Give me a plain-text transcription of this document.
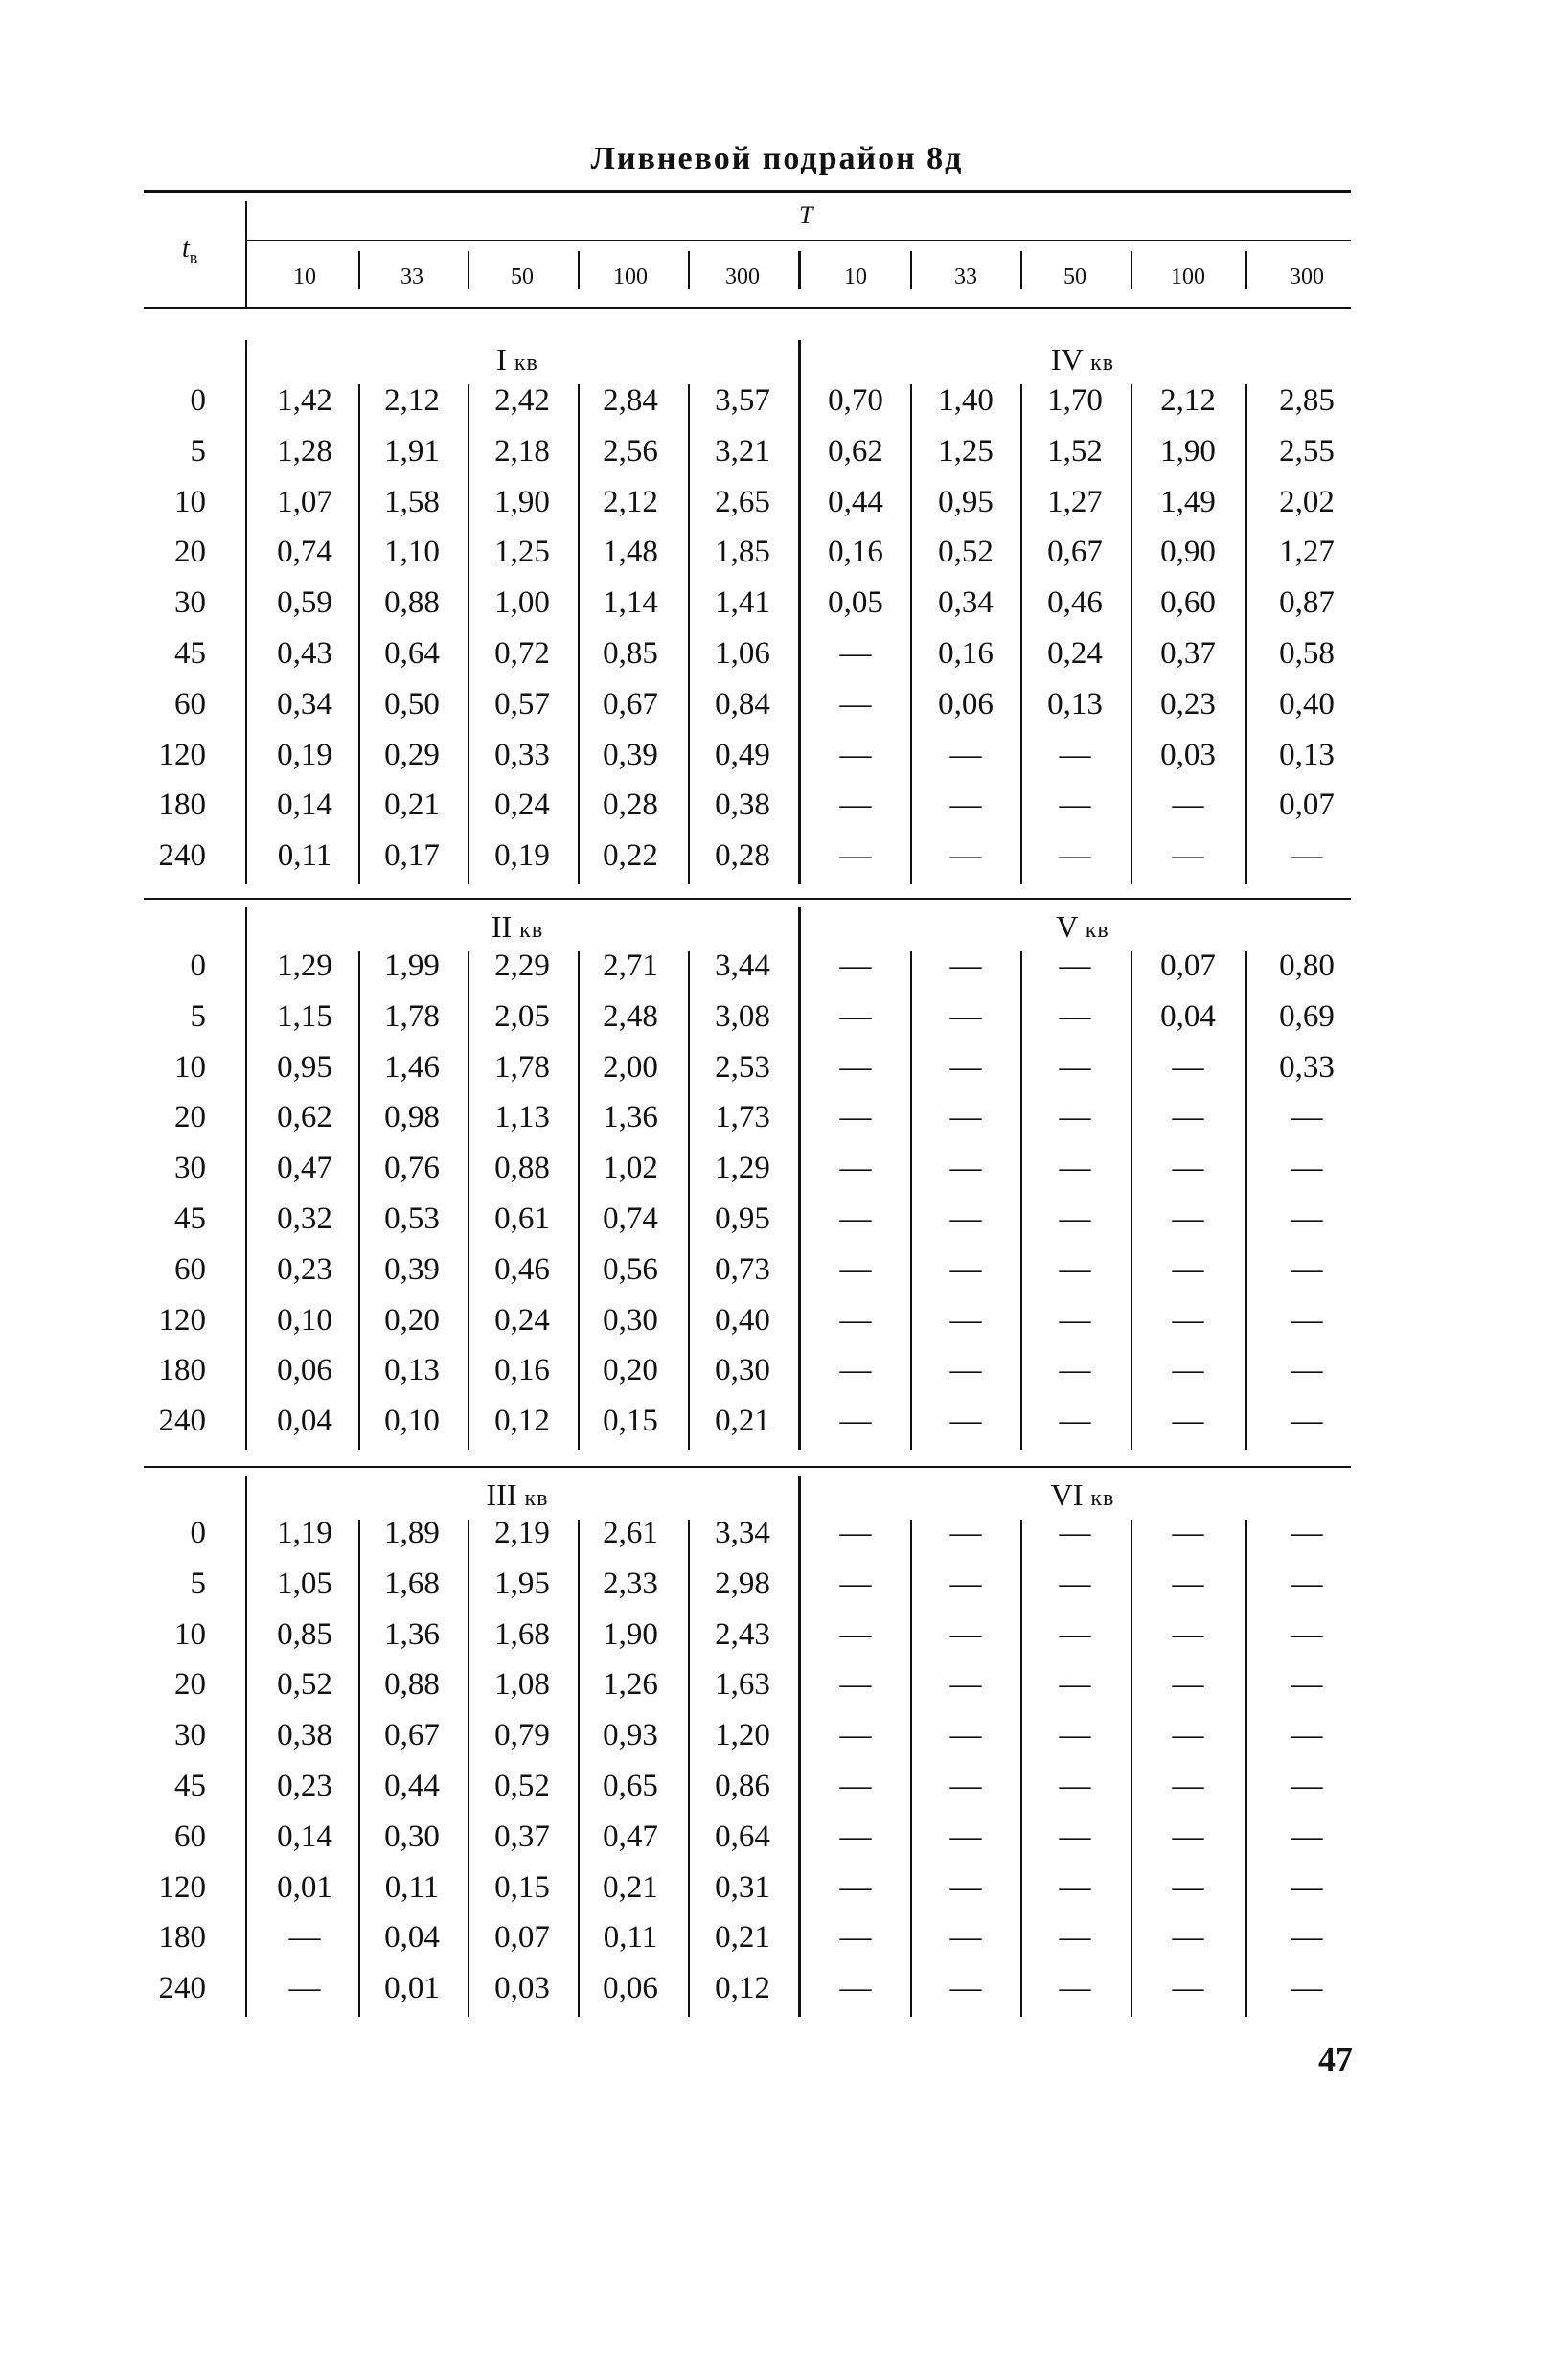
Ливневой подрайон 8д
$t_в$
T
10	33	50	100	300	10	33	50	100	300
I кв	IV кв
0	1,42	2,12	2,42	2,84	3,57	0,70	1,40	1,70	2,12	2,85
5	1,28	1,91	2,18	2,56	3,21	0,62	1,25	1,52	1,90	2,55
10	1,07	1,58	1,90	2,12	2,65	0,44	0,95	1,27	1,49	2,02
20	0,74	1,10	1,25	1,48	1,85	0,16	0,52	0,67	0,90	1,27
30	0,59	0,88	1,00	1,14	1,41	0,05	0,34	0,46	0,60	0,87
45	0,43	0,64	0,72	0,85	1,06	—	0,16	0,24	0,37	0,58
60	0,34	0,50	0,57	0,67	0,84	—	0,06	0,13	0,23	0,40
120	0,19	0,29	0,33	0,39	0,49	—	—	—	0,03	0,13
180	0,14	0,21	0,24	0,28	0,38	—	—	—	—	0,07
240	0,11	0,17	0,19	0,22	0,28	—	—	—	—	—
II кв	V кв
0	1,29	1,99	2,29	2,71	3,44	—	—	—	0,07	0,80
5	1,15	1,78	2,05	2,48	3,08	—	—	—	0,04	0,69
10	0,95	1,46	1,78	2,00	2,53	—	—	—	—	0,33
20	0,62	0,98	1,13	1,36	1,73	—	—	—	—	—
30	0,47	0,76	0,88	1,02	1,29	—	—	—	—	—
45	0,32	0,53	0,61	0,74	0,95	—	—	—	—	—
60	0,23	0,39	0,46	0,56	0,73	—	—	—	—	—
120	0,10	0,20	0,24	0,30	0,40	—	—	—	—	—
180	0,06	0,13	0,16	0,20	0,30	—	—	—	—	—
240	0,04	0,10	0,12	0,15	0,21	—	—	—	—	—
III кв	VI кв
0	1,19	1,89	2,19	2,61	3,34	—	—	—	—	—
5	1,05	1,68	1,95	2,33	2,98	—	—	—	—	—
10	0,85	1,36	1,68	1,90	2,43	—	—	—	—	—
20	0,52	0,88	1,08	1,26	1,63	—	—	—	—	—
30	0,38	0,67	0,79	0,93	1,20	—	—	—	—	—
45	0,23	0,44	0,52	0,65	0,86	—	—	—	—	—
60	0,14	0,30	0,37	0,47	0,64	—	—	—	—	—
120	0,01	0,11	0,15	0,21	0,31	—	—	—	—	—
180	—	0,04	0,07	0,11	0,21	—	—	—	—	—
240	—	0,01	0,03	0,06	0,12	—	—	—	—	—
47
